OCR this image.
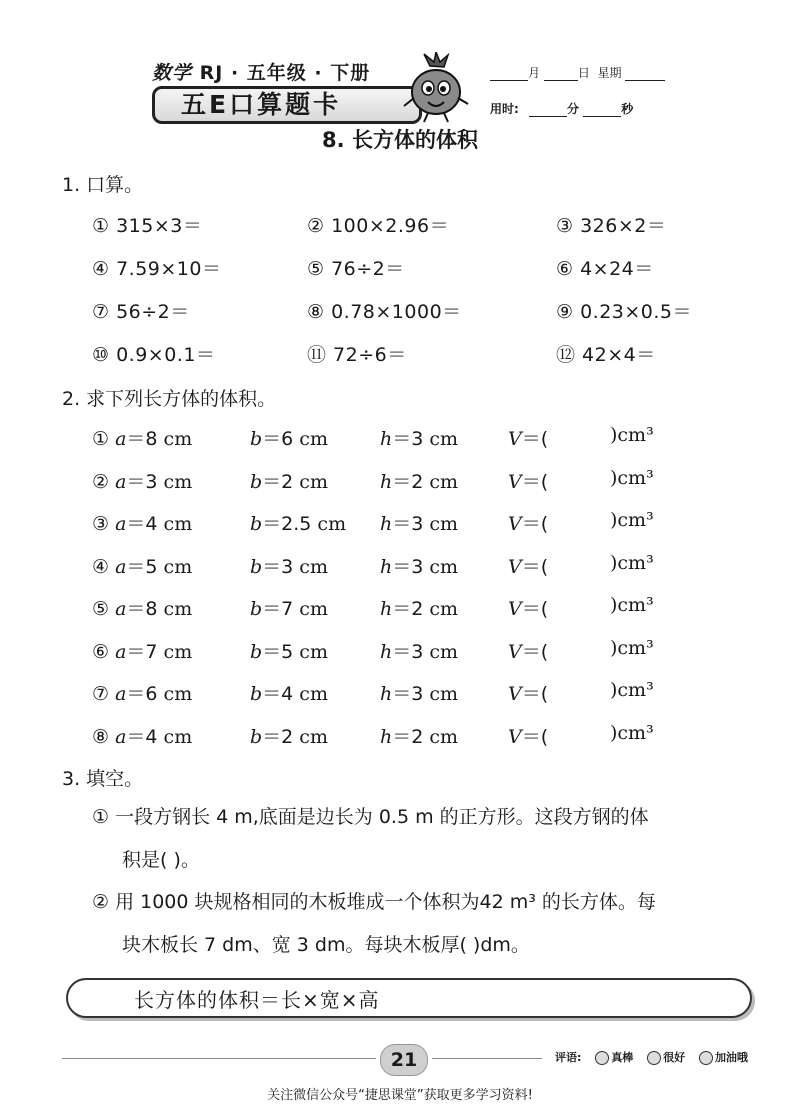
数学 RJ · 五年级 · 下册
五E口算题卡
月	日 星期
用时:	分	秒
8. 长方体的体积
1. 口算。
① 315×3＝	② 100×2.96＝	③ 326×2＝
④ 7.59×10＝	⑤ 76÷2＝	⑥ 4×24＝
⑦ 56÷2＝	⑧ 0.78×1000＝	⑨ 0.23×0.5＝
⑩ 0.9×0.1＝	⑪ 72÷6＝	⑫ 42×4＝
2. 求下列长方体的体积。
① a＝8 cm	b＝6 cm	h＝3 cm	V＝(	)cm³
② a＝3 cm	b＝2 cm	h＝2 cm	V＝(	)cm³
③ a＝4 cm	b＝2.5 cm h＝3 cm	V＝(	)cm³
④ a＝5 cm	b＝3 cm	h＝3 cm	V＝(	)cm³
⑤ a＝8 cm	b＝7 cm	h＝2 cm	V＝(	)cm³
⑥ a＝7 cm	b＝5 cm	h＝3 cm	V＝(	)cm³
⑦ a＝6 cm	b＝4 cm	h＝3 cm	V＝(	)cm³
⑧ a＝4 cm	b＝2 cm	h＝2 cm	V＝(	)cm³
3. 填空。
① 一段方钢长 4 m,底面是边长为 0.5 m 的正方形。这段方钢的体
积是( )。
② 用 1000 块规格相同的木板堆成一个体积为42 m³ 的长方体。每
块木板长 7 dm、宽 3 dm。每块木板厚( )dm。
长方体的体积＝长×宽×高
21	评语:	真棒	很好	加油哦
关注微信公众号“捷思课堂”获取更多学习资料!
